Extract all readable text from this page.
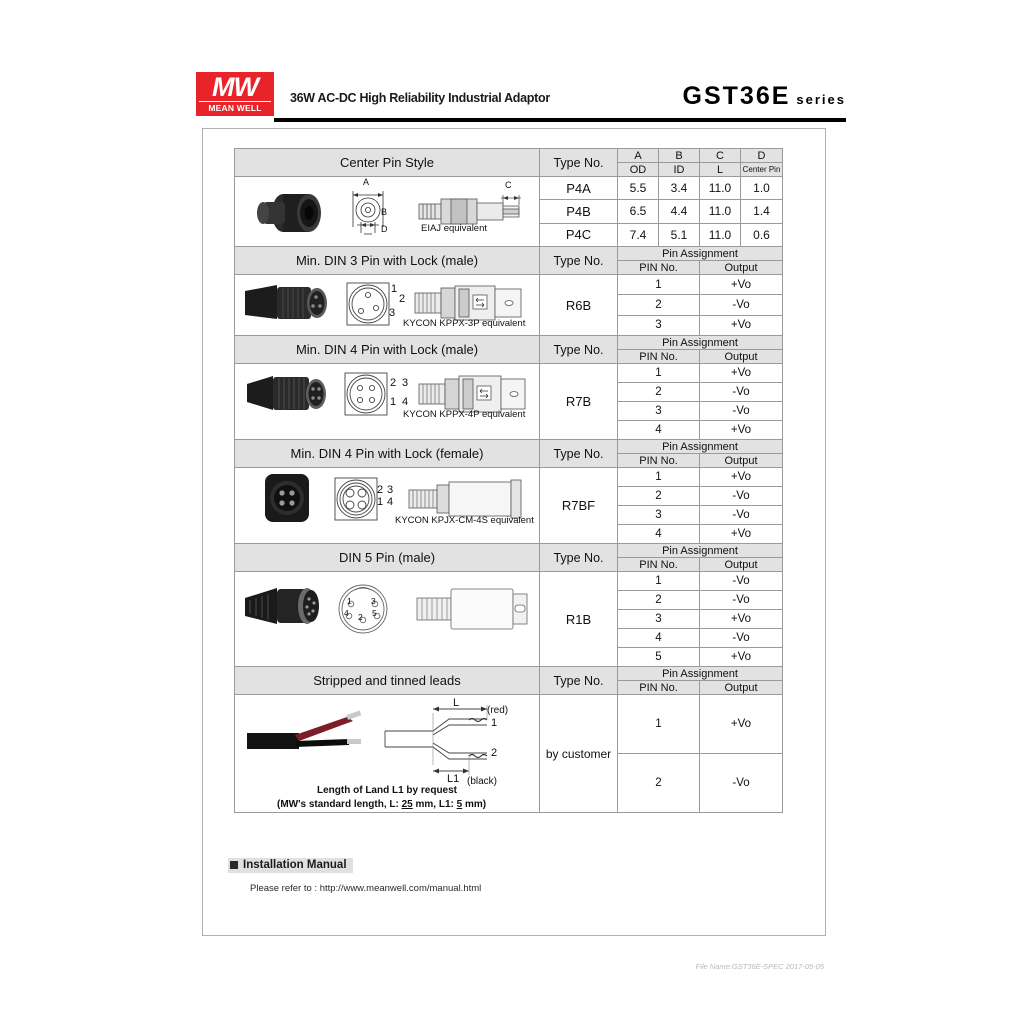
MW
MEAN WELL
36W AC-DC High Reliability Industrial Adaptor	GST36E series
Center Pin Style	Type No.	A	B	C	D
		OD	ID	L	Center Pin

A
B
D
C
EIAJ equivalent	P4A	5.5	3.4	11.0	1.0
	P4B	6.5	4.4	11.0	1.4
	P4C	7.4	5.1	11.0	0.6
Min. DIN 3 Pin with Lock (male)	Type No.	Pin Assignment			
		PIN No.		Output	

1
2
3
KYCON KPPX-3P equivalent	R6B	1		+Vo	
		2		-Vo	
		3		+Vo	
Min. DIN 4 Pin with Lock (male)	Type No.	Pin Assignment			
		PIN No.		Output	

2 3
1 4
KYCON KPPX-4P equivalent	R7B	1		+Vo	
		2		-Vo	
		3		-Vo	
		4		+Vo	
Min. DIN 4 Pin with Lock (female)	Type No.	Pin Assignment			
		PIN No.		Output	

2 3
1 4
KYCON KPJX-CM-4S equivalent	R7BF	1		+Vo	
		2		-Vo	
		3		-Vo	
		4		+Vo	
DIN 5 Pin (male)	Type No.	Pin Assignment			
		PIN No.		Output	

1 3
4 2 5	R1B	1		-Vo	
		2		-Vo	
		3		+Vo	
		4		-Vo	
		5		+Vo	
Stripped and tinned leads	Type No.	Pin Assignment			
		PIN No.		Output	

L
(red)
1
2
L1 (black)
Length of Land L1 by request
(MW's standard length, L: 25 mm, L1: 5 mm)
	by customer	1	+Vo
		2		-Vo	
Installation Manual
Please refer to : http://www.meanwell.com/manual.html
File Name:GST36E-SPEC 2017-05-05
